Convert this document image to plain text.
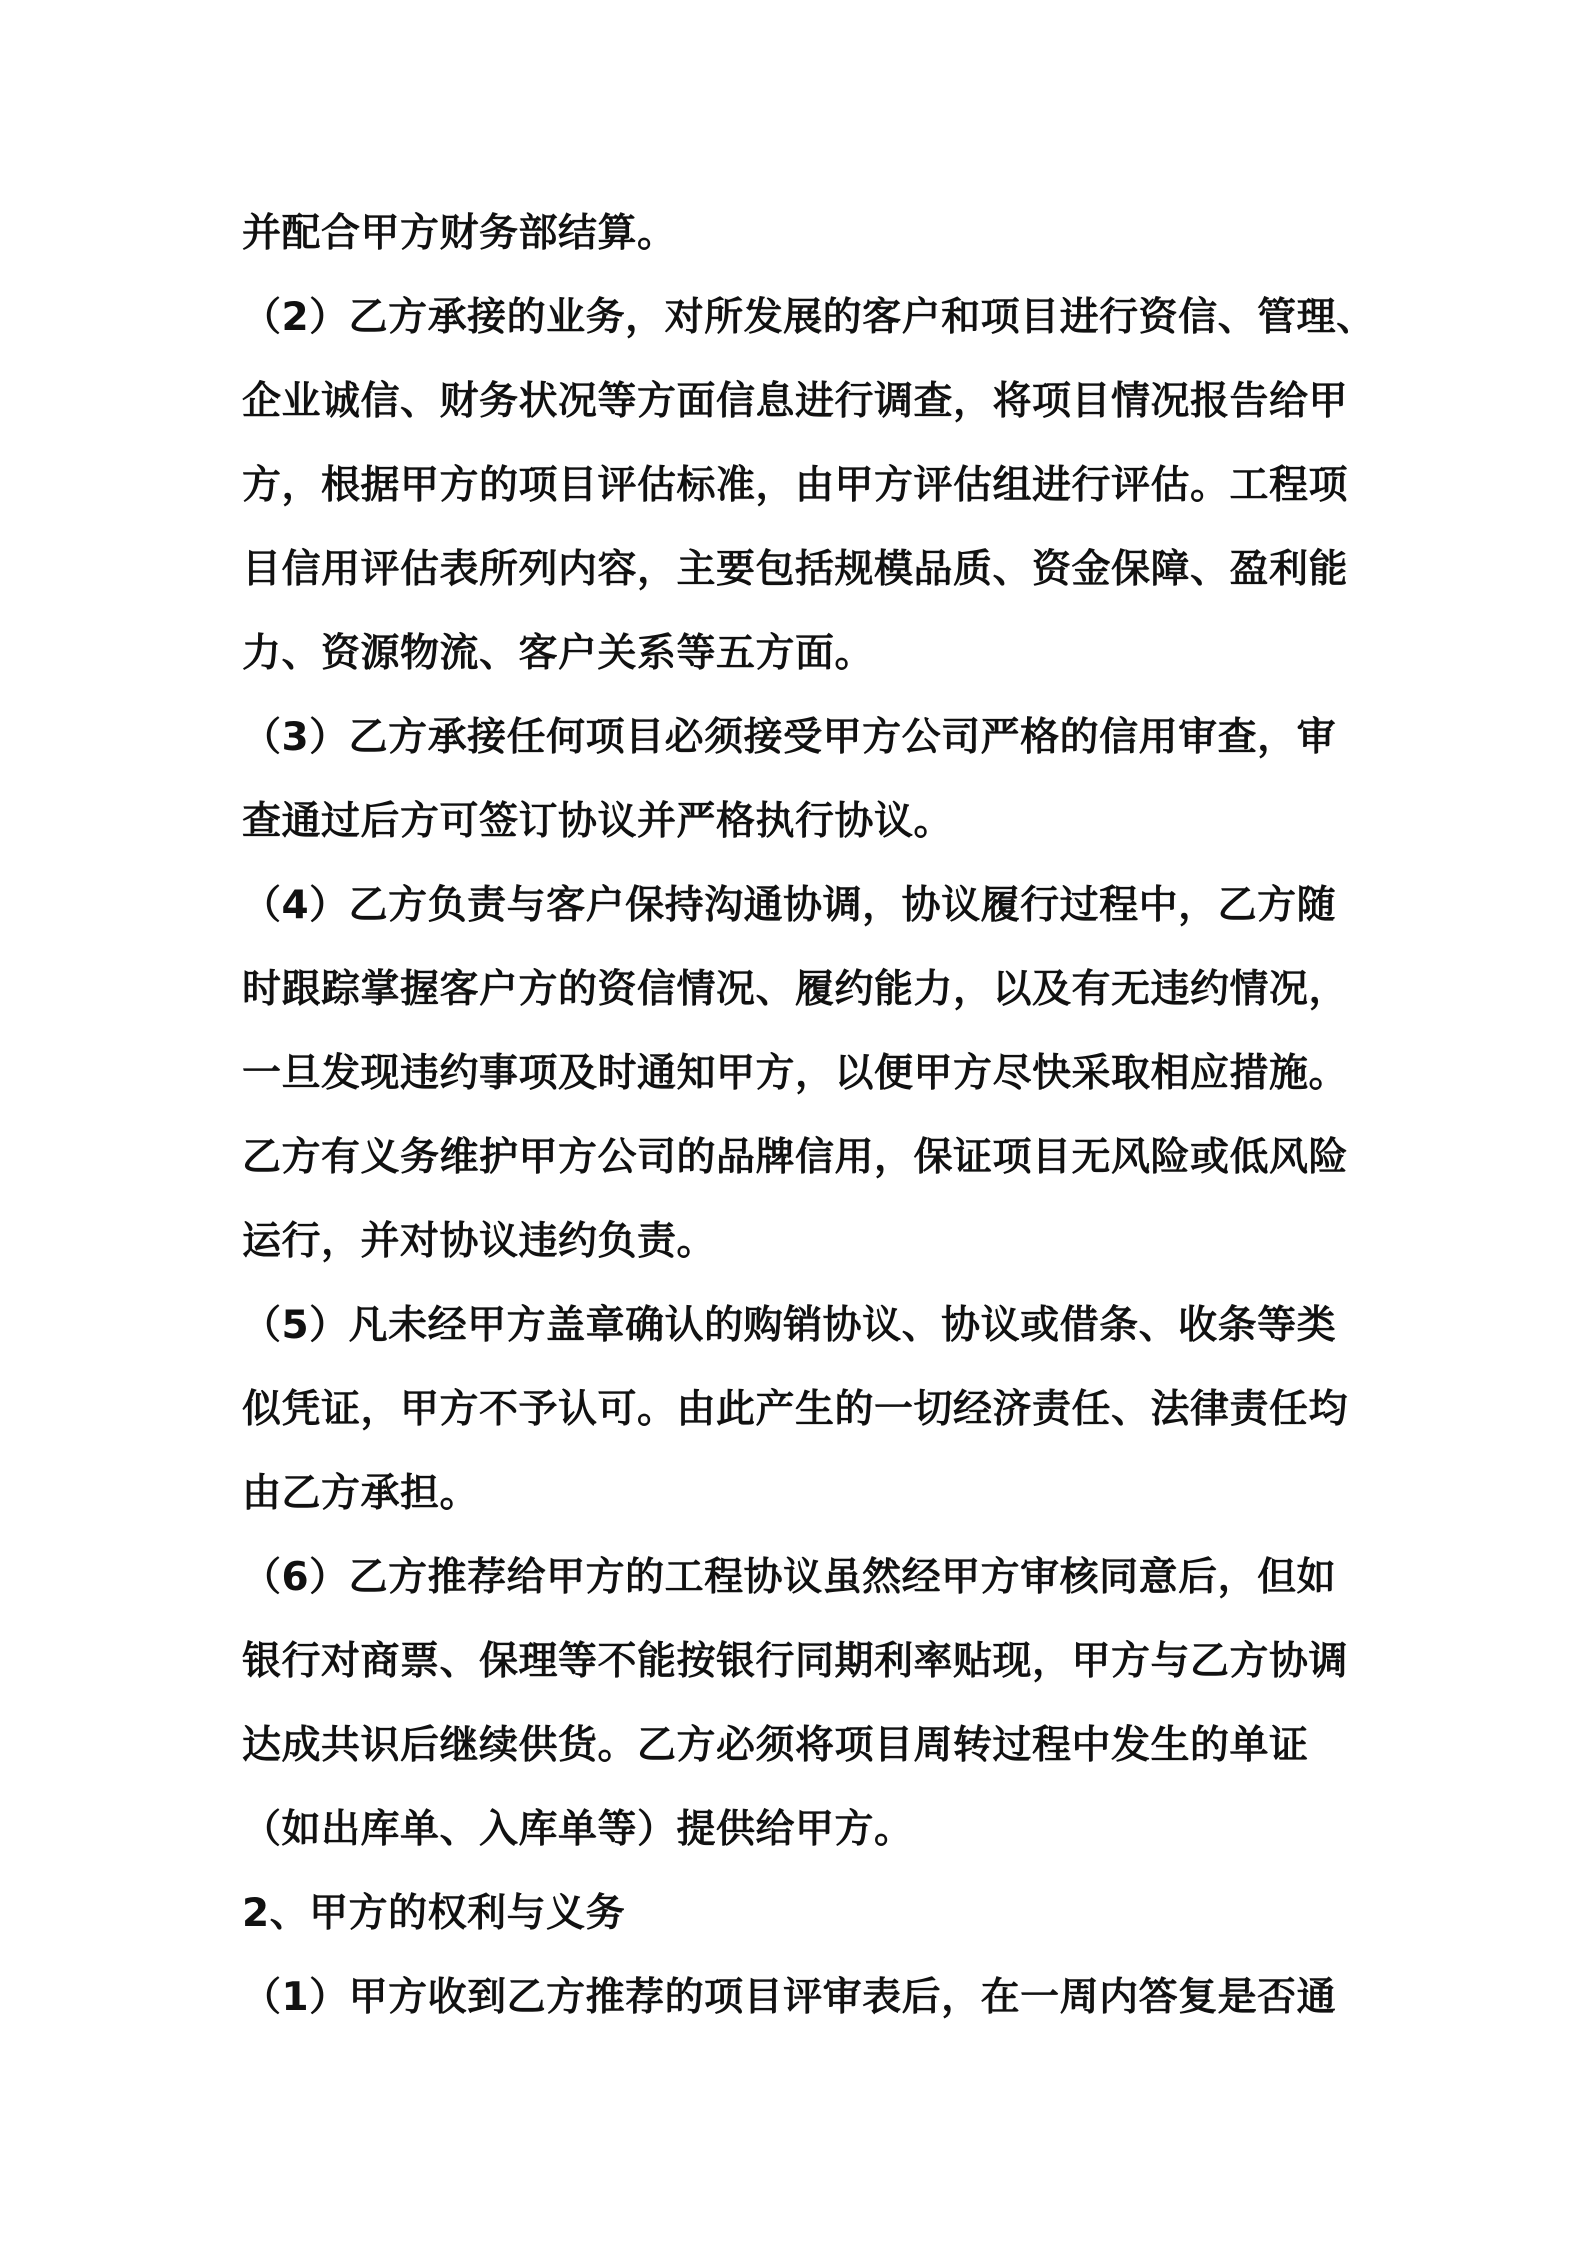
并配合甲方财务部结算。
（2）乙方承接的业务，对所发展的客户和项目进行资信、管理、
企业诚信、财务状况等方面信息进行调查，将项目情况报告给甲
方，根据甲方的项目评估标准，由甲方评估组进行评估。工程项
目信用评估表所列内容，主要包括规模品质、资金保障、盈利能
力、资源物流、客户关系等五方面。
（3）乙方承接任何项目必须接受甲方公司严格的信用审查，审
查通过后方可签订协议并严格执行协议。
（4）乙方负责与客户保持沟通协调，协议履行过程中，乙方随
时跟踪掌握客户方的资信情况、履约能力，以及有无违约情况，
一旦发现违约事项及时通知甲方，以便甲方尽快采取相应措施。
乙方有义务维护甲方公司的品牌信用，保证项目无风险或低风险
运行，并对协议违约负责。
（5）凡未经甲方盖章确认的购销协议、协议或借条、收条等类
似凭证，甲方不予认可。由此产生的一切经济责任、法律责任均
由乙方承担。
（6）乙方推荐给甲方的工程协议虽然经甲方审核同意后，但如
银行对商票、保理等不能按银行同期利率贴现，甲方与乙方协调
达成共识后继续供货。乙方必须将项目周转过程中发生的单证
（如出库单、入库单等）提供给甲方。
2、甲方的权利与义务
（1）甲方收到乙方推荐的项目评审表后，在一周内答复是否通
